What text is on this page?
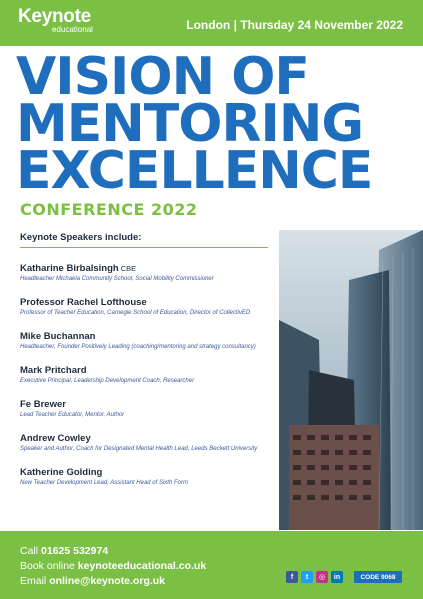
Keynote
educational	London | Thursday 24 November 2022
VISION OF
MENTORING
EXCELLENCE
CONFERENCE 2022
Keynote Speakers include:
Katharine Birbalsingh CBE
Headteacher Michaela Community School, Social Mobility Commissioner
Professor Rachel Lofthouse
Professor of Teacher Education, Carnegie School of Education, Director of CollectivED
Mike Buchannan
Headteacher, Founder Positively Leading (coaching/mentoring and strategy consultancy)
Mark Pritchard
Executive Principal, Leadership Development Coach, Researcher
Fe Brewer
Lead Teacher Educator, Mentor, Author
Andrew Cowley
Speaker and Author, Coach for Designated Mental Health Lead, Leeds Beckett University
Katherine Golding
New Teacher Development Lead, Assistant Head of Sixth Form
Call 01625 532974
Book online keynoteeducational.co.uk
Email online@keynote.org.uk	f	t	◎	in	CODE 9068
